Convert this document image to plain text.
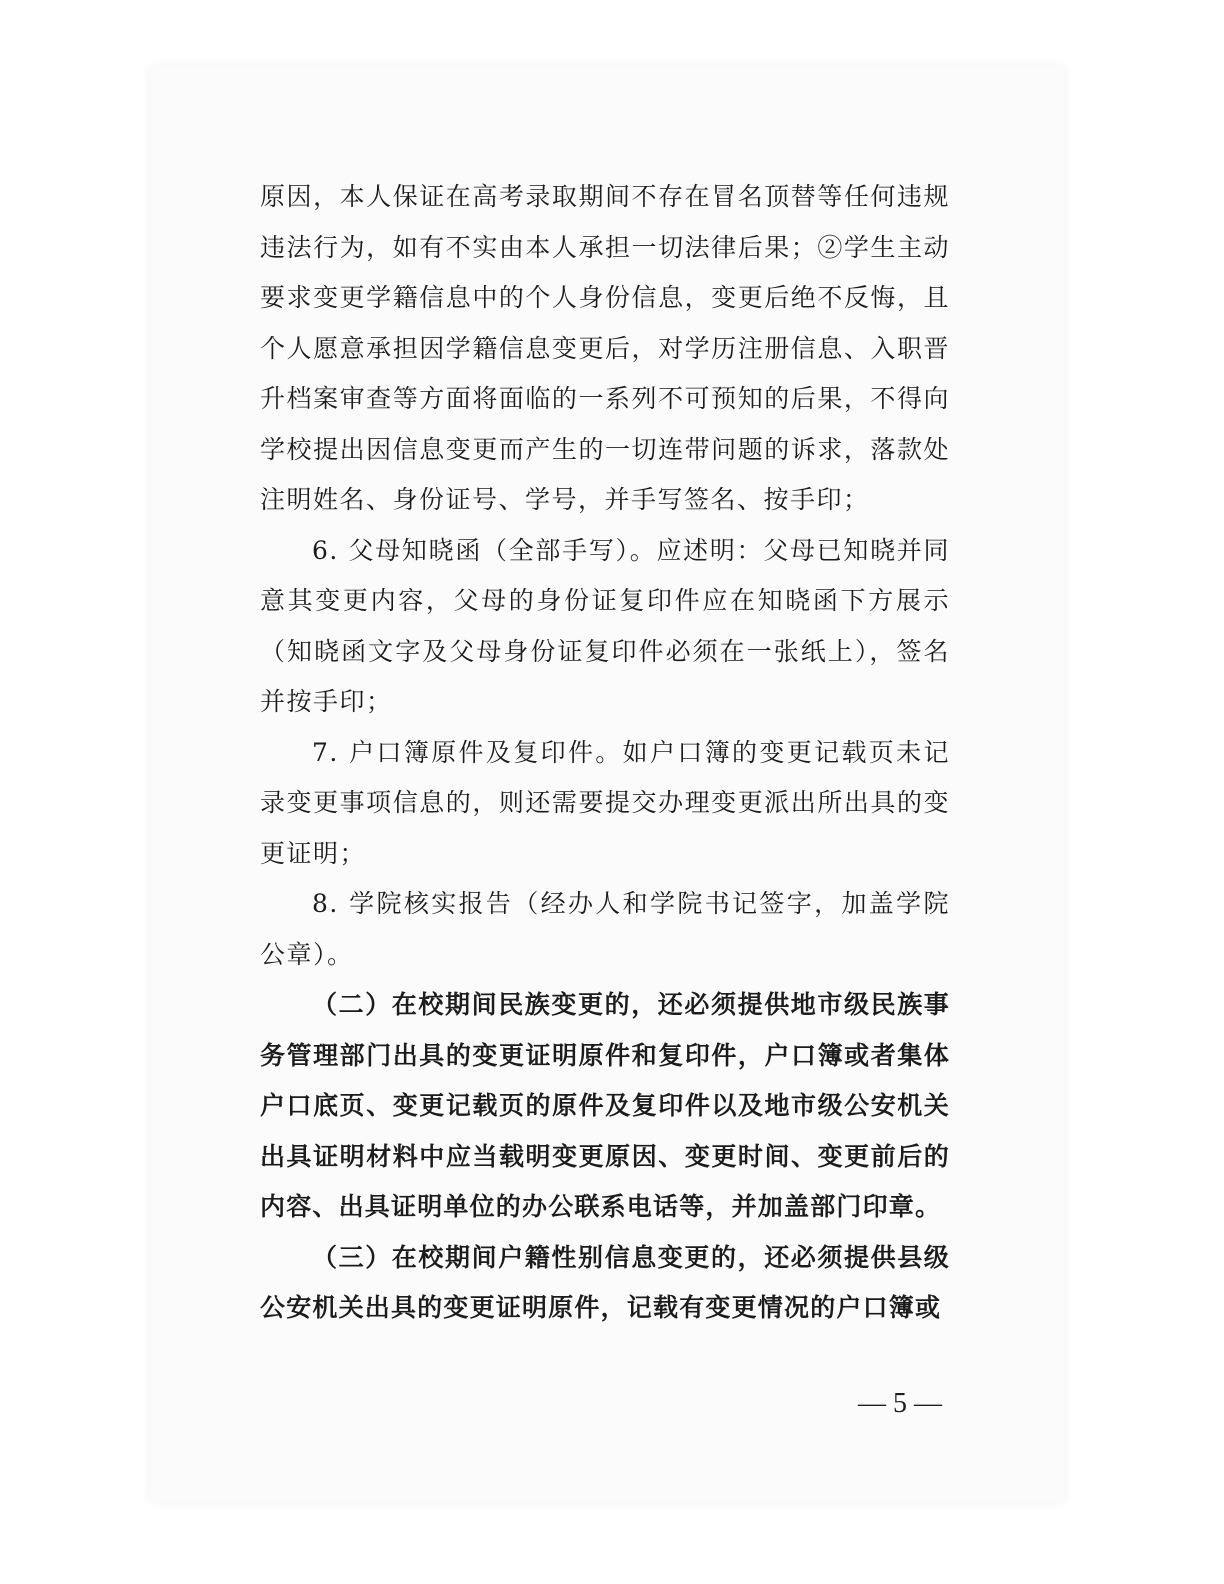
原因，本人保证在高考录取期间不存在冒名顶替等任何违规违法行为，如有不实由本人承担一切法律后果；②学生主动要求变更学籍信息中的个人身份信息，变更后绝不反悔，且个人愿意承担因学籍信息变更后，对学历注册信息、入职晋升档案审查等方面将面临的一系列不可预知的后果，不得向学校提出因信息变更而产生的一切连带问题的诉求，落款处注明姓名、身份证号、学号，并手写签名、按手印；

6. 父母知晓函（全部手写）。应述明：父母已知晓并同意其变更内容，父母的身份证复印件应在知晓函下方展示（知晓函文字及父母身份证复印件必须在一张纸上），签名并按手印；

7. 户口簿原件及复印件。如户口簿的变更记载页未记录变更事项信息的，则还需要提交办理变更派出所出具的变更证明；

8. 学院核实报告（经办人和学院书记签字，加盖学院公章）。

（二）在校期间民族变更的，还必须提供地市级民族事务管理部门出具的变更证明原件和复印件，户口簿或者集体户口底页、变更记载页的原件及复印件以及地市级公安机关出具证明材料中应当载明变更原因、变更时间、变更前后的内容、出具证明单位的办公联系电话等，并加盖部门印章。

（三）在校期间户籍性别信息变更的，还必须提供县级公安机关出具的变更证明原件，记载有变更情况的户口簿或

— 5 —
